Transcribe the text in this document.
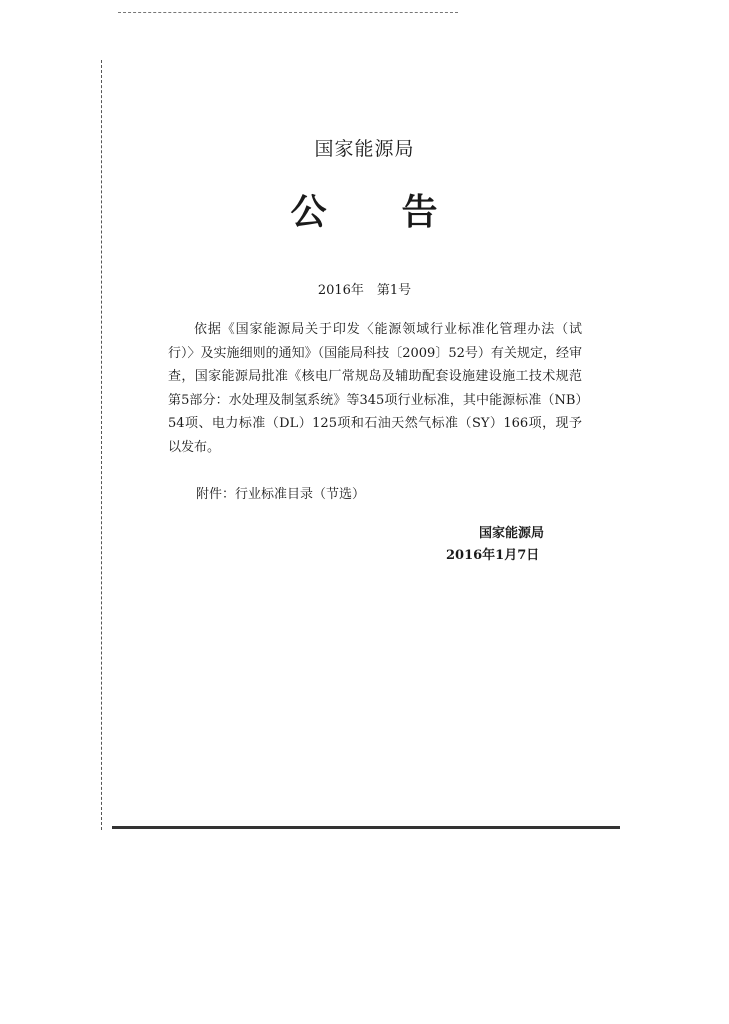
国家能源局
公 告
2016年　第1号
依据《国家能源局关于印发〈能源领域行业标准化管理办法（试行）〉及实施细则的通知》（国能局科技〔2009〕52号）有关规定，经审查，国家能源局批准《核电厂常规岛及辅助配套设施建设施工技术规范　第5部分：水处理及制氢系统》等345项行业标准，其中能源标准（NB）54项、电力标准（DL）125项和石油天然气标准（SY）166项，现予以发布。
附件：行业标准目录（节选）
国家能源局
2016年1月7日
